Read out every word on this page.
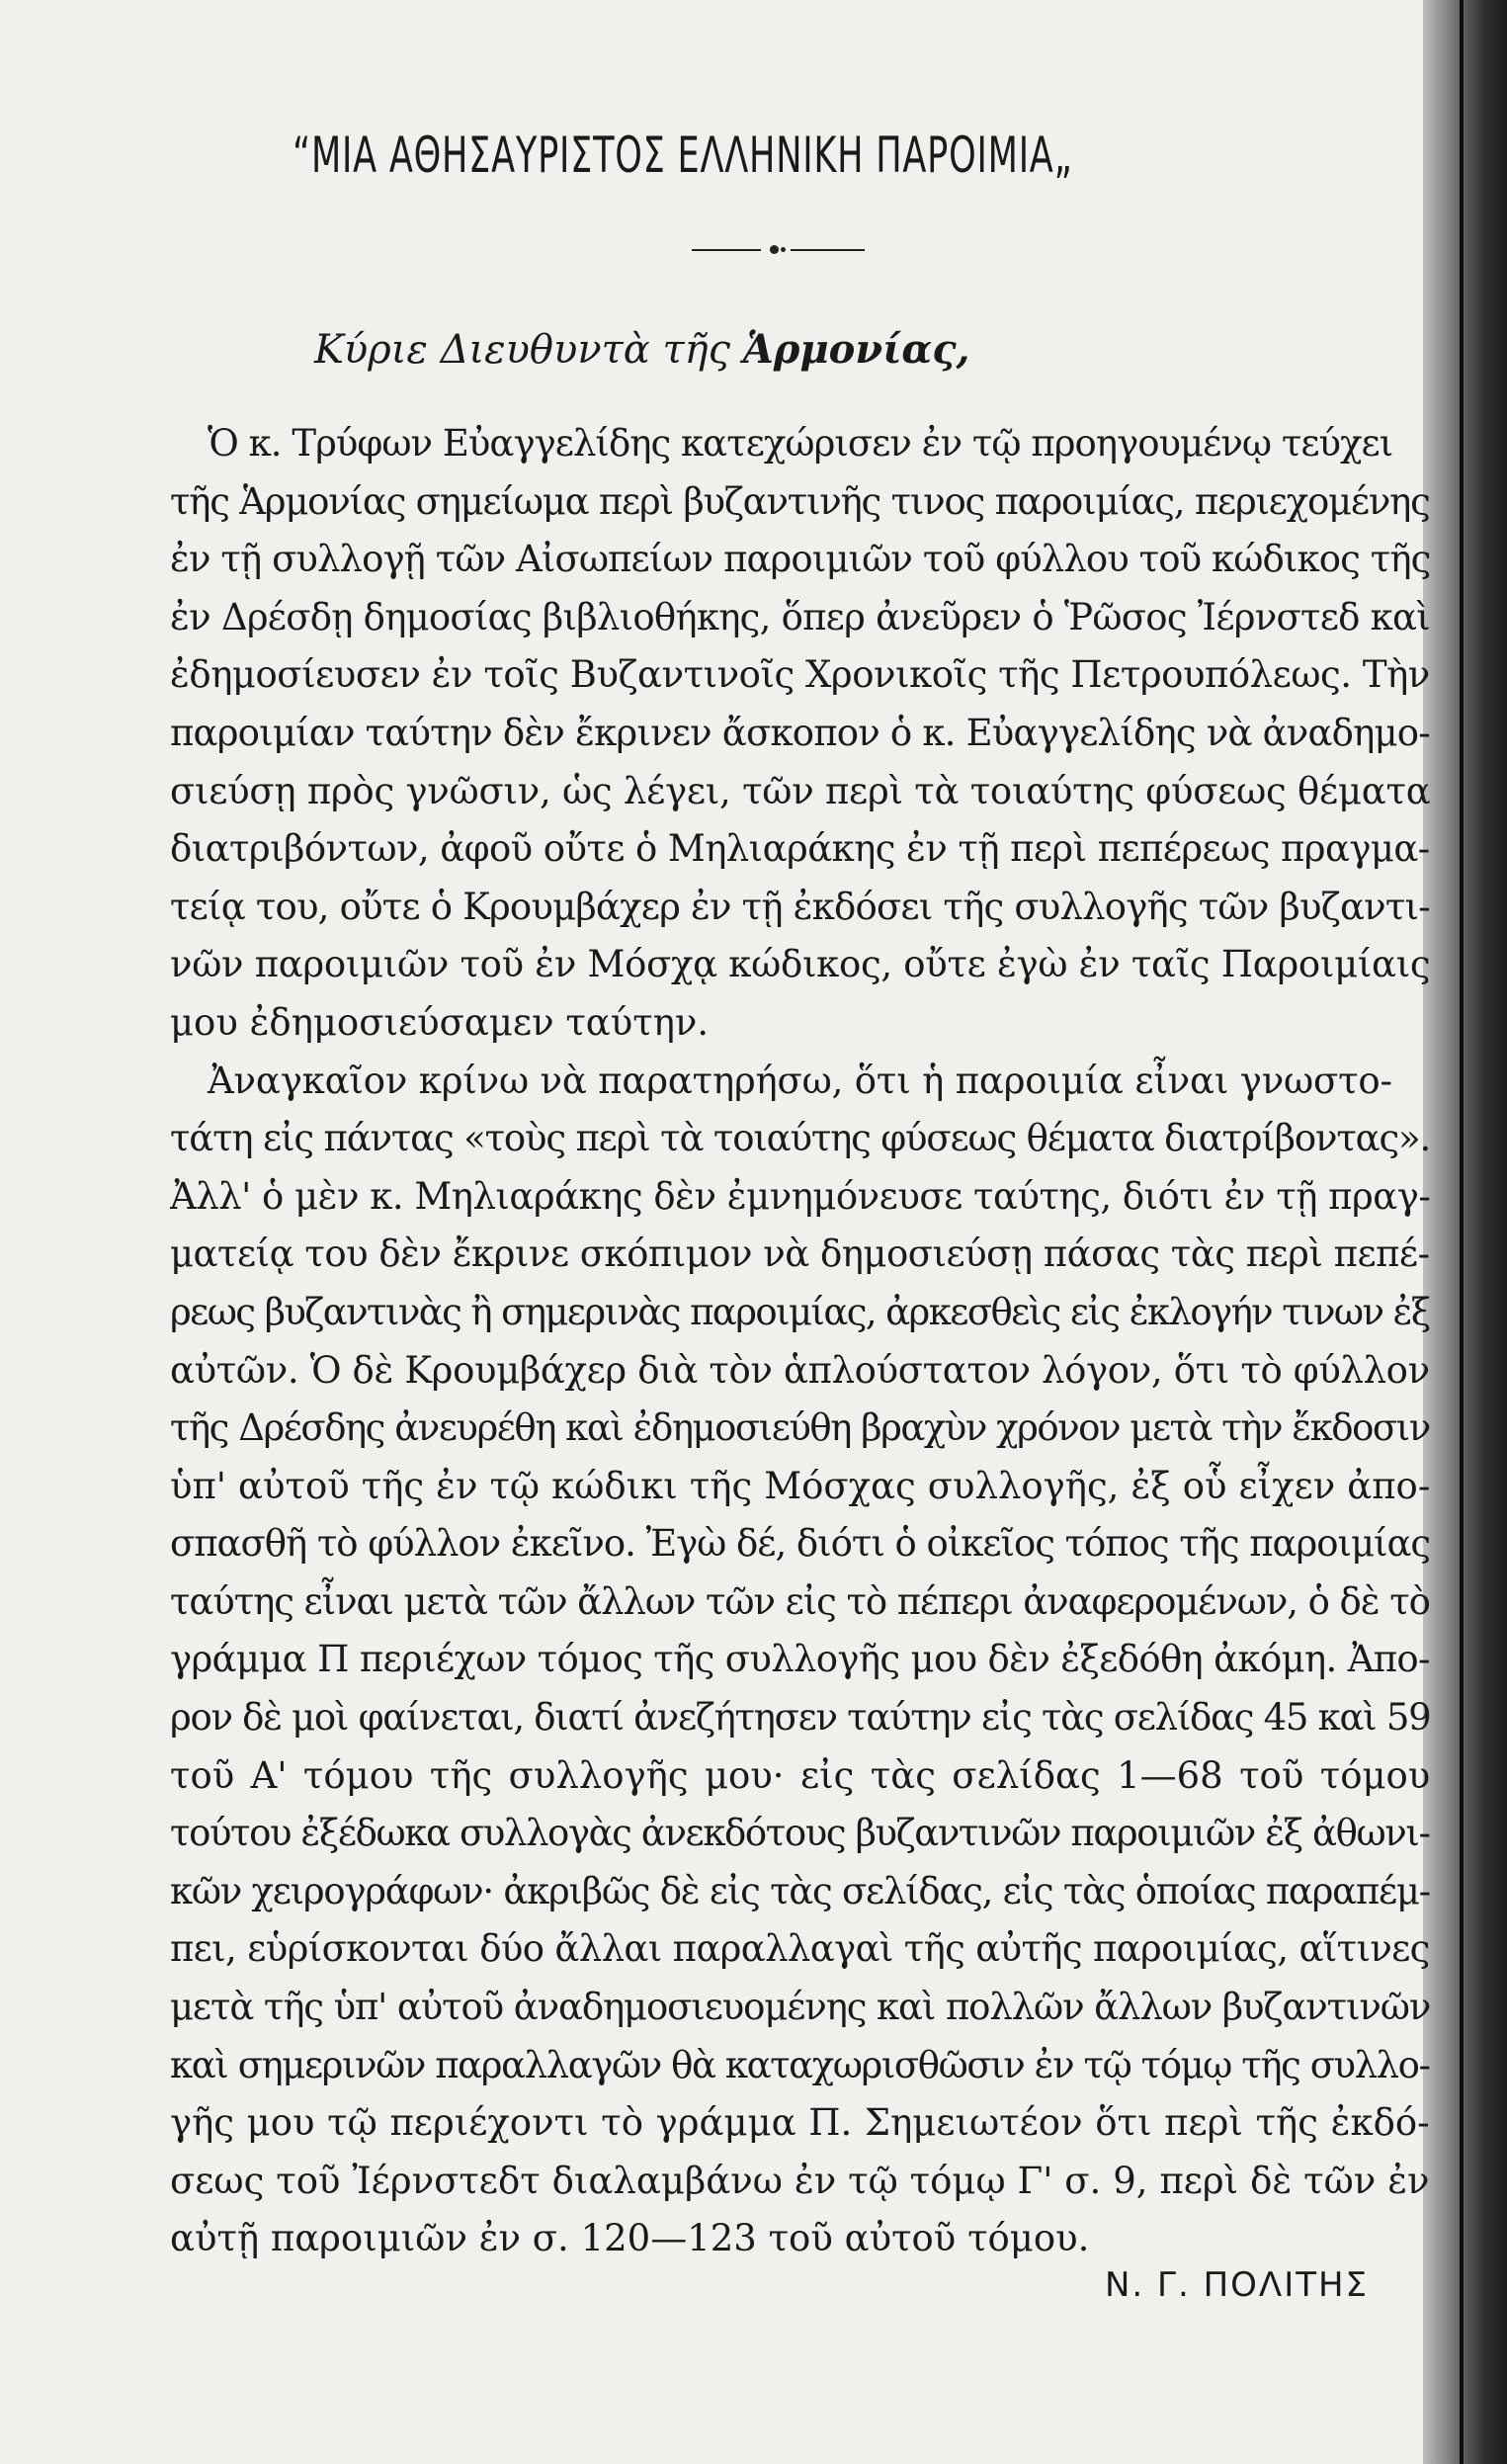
“ΜΙΑ ΑΘΗΣΑΥΡΙΣΤΟΣ ΕΛΛΗΝΙΚΗ ΠΑΡΟΙΜΙΑ„
Κύριε Διευθυντὰ τῆς Ἁρμονίας,
Ὁ κ. Τρύφων Εὐαγγελίδης κατεχώρισεν ἐν τῷ προηγουμένῳ τεύχει
τῆς Ἁρμονίας σημείωμα περὶ βυζαντινῆς τινος παροιμίας, περιεχομένης
ἐν τῇ συλλογῇ τῶν Αἰσωπείων παροιμιῶν τοῦ φύλλου τοῦ κώδικος τῆς
ἐν Δρέσδῃ δημοσίας βιβλιοθήκης, ὅπερ ἀνεῦρεν ὁ Ῥῶσος Ἰέρνστεδ καὶ
ἐδημοσίευσεν ἐν τοῖς Βυζαντινοῖς Χρονικοῖς τῆς Πετρουπόλεως. Τὴν
παροιμίαν ταύτην δὲν ἔκρινεν ἄσκοπον ὁ κ. Εὐαγγελίδης νὰ ἀναδημο-
σιεύσῃ πρὸς γνῶσιν, ὡς λέγει, τῶν περὶ τὰ τοιαύτης φύσεως θέματα
διατριβόντων, ἀφοῦ οὔτε ὁ Μηλιαράκης ἐν τῇ περὶ πεπέρεως πραγμα-
τείᾳ του, οὔτε ὁ Κρουμβάχερ ἐν τῇ ἐκδόσει τῆς συλλογῆς τῶν βυζαντι-
νῶν παροιμιῶν τοῦ ἐν Μόσχᾳ κώδικος, οὔτε ἐγὼ ἐν ταῖς Παροιμίαις
μου ἐδημοσιεύσαμεν ταύτην.
Ἀναγκαῖον κρίνω νὰ παρατηρήσω, ὅτι ἡ παροιμία εἶναι γνωστο-
τάτη εἰς πάντας «τοὺς περὶ τὰ τοιαύτης φύσεως θέματα διατρίβοντας».
Ἀλλ' ὁ μὲν κ. Μηλιαράκης δὲν ἐμνημόνευσε ταύτης, διότι ἐν τῇ πραγ-
ματείᾳ του δὲν ἔκρινε σκόπιμον νὰ δημοσιεύσῃ πάσας τὰς περὶ πεπέ-
ρεως βυζαντινὰς ἢ σημερινὰς παροιμίας, ἀρκεσθεὶς εἰς ἐκλογήν τινων ἐξ
αὐτῶν. Ὁ δὲ Κρουμβάχερ διὰ τὸν ἁπλούστατον λόγον, ὅτι τὸ φύλλον
τῆς Δρέσδης ἀνευρέθη καὶ ἐδημοσιεύθη βραχὺν χρόνον μετὰ τὴν ἔκδοσιν
ὑπ' αὐτοῦ τῆς ἐν τῷ κώδικι τῆς Μόσχας συλλογῆς, ἐξ οὗ εἶχεν ἀπο-
σπασθῆ τὸ φύλλον ἐκεῖνο. Ἐγὼ δέ, διότι ὁ οἰκεῖος τόπος τῆς παροιμίας
ταύτης εἶναι μετὰ τῶν ἄλλων τῶν εἰς τὸ πέπερι ἀναφερομένων, ὁ δὲ τὸ
γράμμα Π περιέχων τόμος τῆς συλλογῆς μου δὲν ἐξεδόθη ἀκόμη. Ἀπο-
ρον δὲ μοὶ φαίνεται, διατί ἀνεζήτησεν ταύτην εἰς τὰς σελίδας 45 καὶ 59
τοῦ Α' τόμου τῆς συλλογῆς μου· εἰς τὰς σελίδας 1—68 τοῦ τόμου
τούτου ἐξέδωκα συλλογὰς ἀνεκδότους βυζαντινῶν παροιμιῶν ἐξ ἀθωνι-
κῶν χειρογράφων· ἀκριβῶς δὲ εἰς τὰς σελίδας, εἰς τὰς ὁποίας παραπέμ-
πει, εὑρίσκονται δύο ἄλλαι παραλλαγαὶ τῆς αὐτῆς παροιμίας, αἵτινες
μετὰ τῆς ὑπ' αὐτοῦ ἀναδημοσιευομένης καὶ πολλῶν ἄλλων βυζαντινῶν
καὶ σημερινῶν παραλλαγῶν θὰ καταχωρισθῶσιν ἐν τῷ τόμῳ τῆς συλλο-
γῆς μου τῷ περιέχοντι τὸ γράμμα Π. Σημειωτέον ὅτι περὶ τῆς ἐκδό-
σεως τοῦ Ἰέρνστεδτ διαλαμβάνω ἐν τῷ τόμῳ Γ' σ. 9, περὶ δὲ τῶν ἐν
αὐτῇ παροιμιῶν ἐν σ. 120—123 τοῦ αὐτοῦ τόμου.
Ν. Γ. ΠΟΛΙΤΗΣ
